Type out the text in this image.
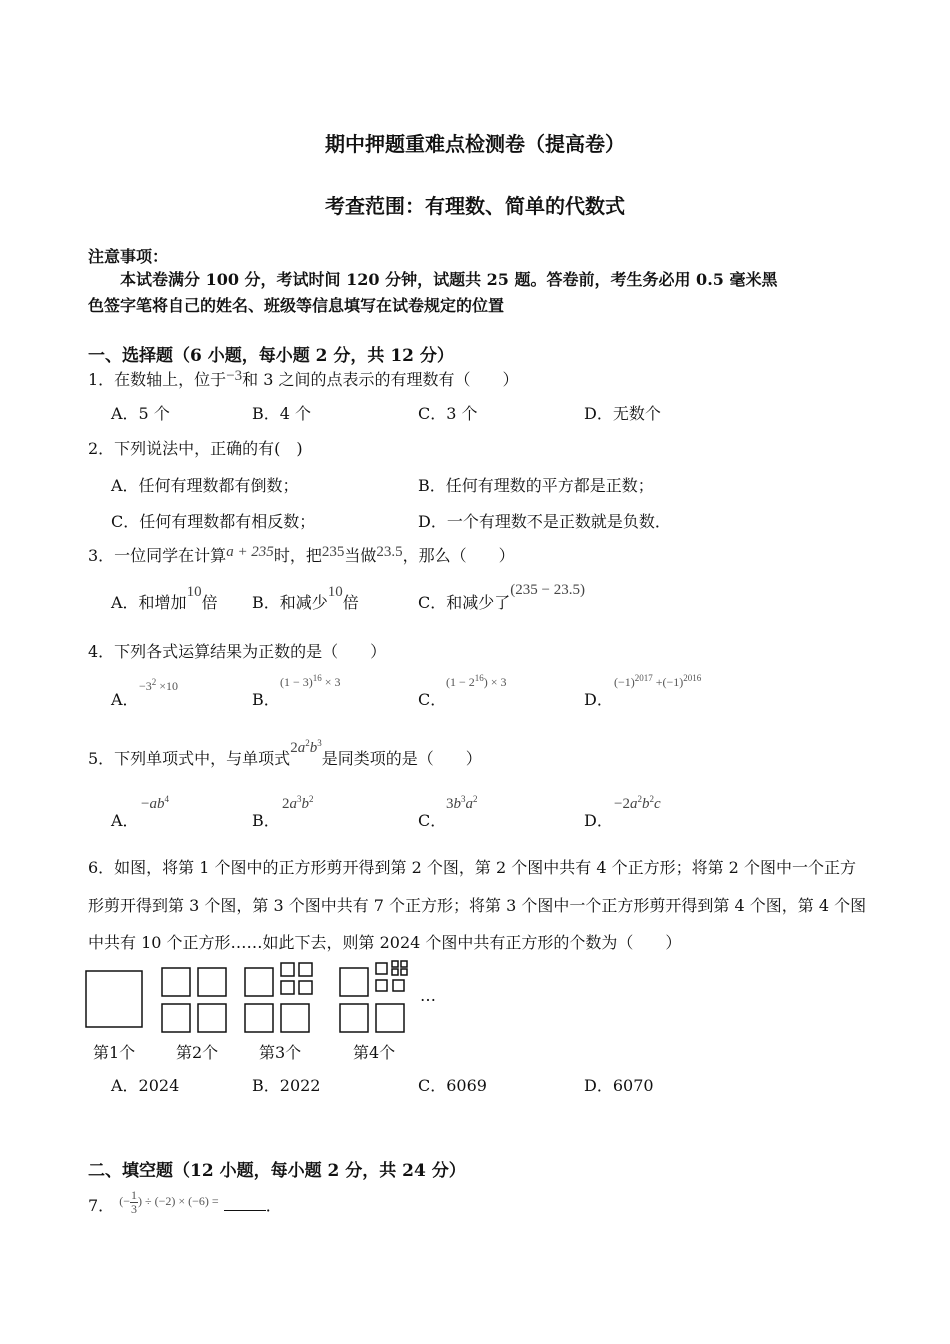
期中押题重难点检测卷（提高卷）
考查范围：有理数、简单的代数式
注意事项：
本试卷满分 100 分，考试时间 120 分钟，试题共 25 题。答卷前，考生务必用 0.5 毫米黑
色签字笔将自己的姓名、班级等信息填写在试卷规定的位置
一、选择题（6 小题，每小题 2 分，共 12 分）
1．在数轴上，位于−3和 3 之间的点表示的有理数有（　　）
A．5 个	B．4 个	C．3 个	D．无数个
2．下列说法中，正确的有(　)
A．任何有理数都有倒数；	B．任何有理数的平方都是正数；
C．任何有理数都有相反数；	D．一个有理数不是正数就是负数．
3．一位同学在计算a + 235时，把235当做23.5，那么（　　）
A．和增加10倍 B．和减少10倍	C．和减少了(235 − 23.5)
4．下列各式运算结果为正数的是（　　）
A．
$-3^2 \times 10$
B．
$(1 - 3)^{16} \times 3$
C．
$(1 - 2^{16}) \times 3$
D．
$(-1)^{2017} +(-1)^{2016}$
5．下列单项式中，与单项式$2a^2b^3$是同类项的是（　　）
A．
$-ab^4$
B．
$2a^3b^2$
C．
$3b^3a^2$
D．
$-2a^2b^2c$
6．如图，将第 1 个图中的正方形剪开得到第 2 个图，第 2 个图中共有 4 个正方形；将第 2 个图中一个正方
形剪开得到第 3 个图，第 3 个图中共有 7 个正方形；将第 3 个图中一个正方形剪开得到第 4 个图，第 4 个图
中共有 10 个正方形……如此下去，则第 2024 个图中共有正方形的个数为（　　）
…
第1个	第2个	第3个	第4个
A．2024	B．2022	C．6069	D．6070
二、填空题（12 小题，每小题 2 分，共 24 分）
7． $^{(- \frac{1}{3} ) \div (-2) \times (-6) =}$	．
